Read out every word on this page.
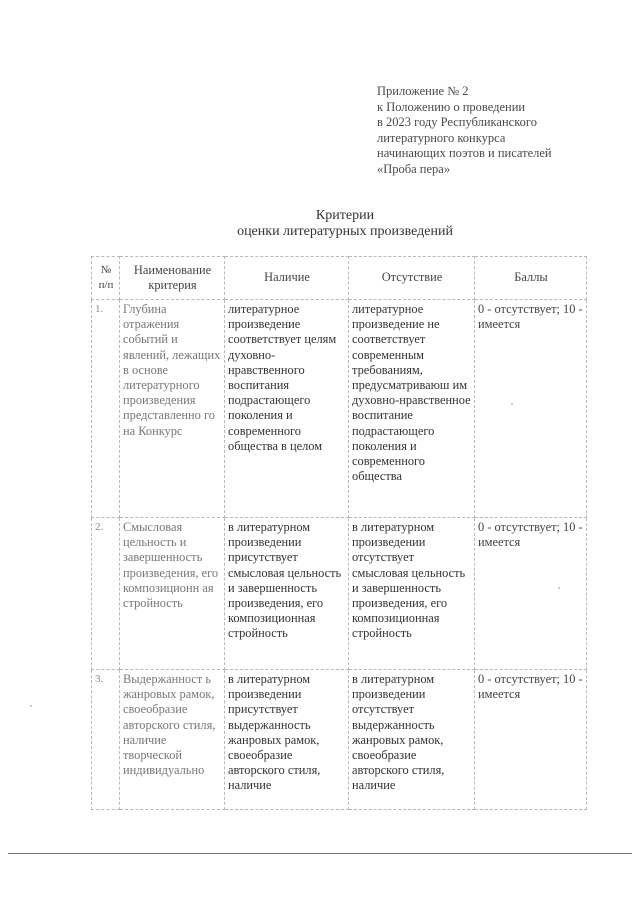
Приложение № 2
к Положению о проведении
в 2023 году Республиканского
литературного конкурса
начинающих поэтов и писателей
«Проба пера»
Критерии
оценки литературных произведений
№ п/п	Наименование критерия	Наличие	Отсутствие	Баллы
1.	Глубина отражения событий и явлений, лежащих в основе литературного произведения представленно го на Конкурс	литературное произведение соответствует целям духовно-нравственного воспитания подрастающего поколения и современного общества в целом	литературное произведение не соответствует современным требованиям, предусматриваюш им духовно-нравственное воспитание подрастающего поколения и современного общества	0 - отсутствует; 10 - имеется
2.	Смысловая цельность и завершенность произведения, его композиционн ая стройность	в литературном произведении присутствует смысловая цельность и завершенность произведения, его композиционная стройность	в литературном произведении отсутствует смысловая цельность и завершенность произведения, его композиционная стройность	0 - отсутствует; 10 - имеется
3.	Выдержанност ь жанровых рамок, своеобразие авторского стиля, наличие творческой индивидуально	в литературном произведении присутствует выдержанность жанровых рамок, своеобразие авторского стиля, наличие	в литературном произведении отсутствует выдержанность жанровых рамок, своеобразие авторского стиля, наличие	0 - отсутствует; 10 - имеется
